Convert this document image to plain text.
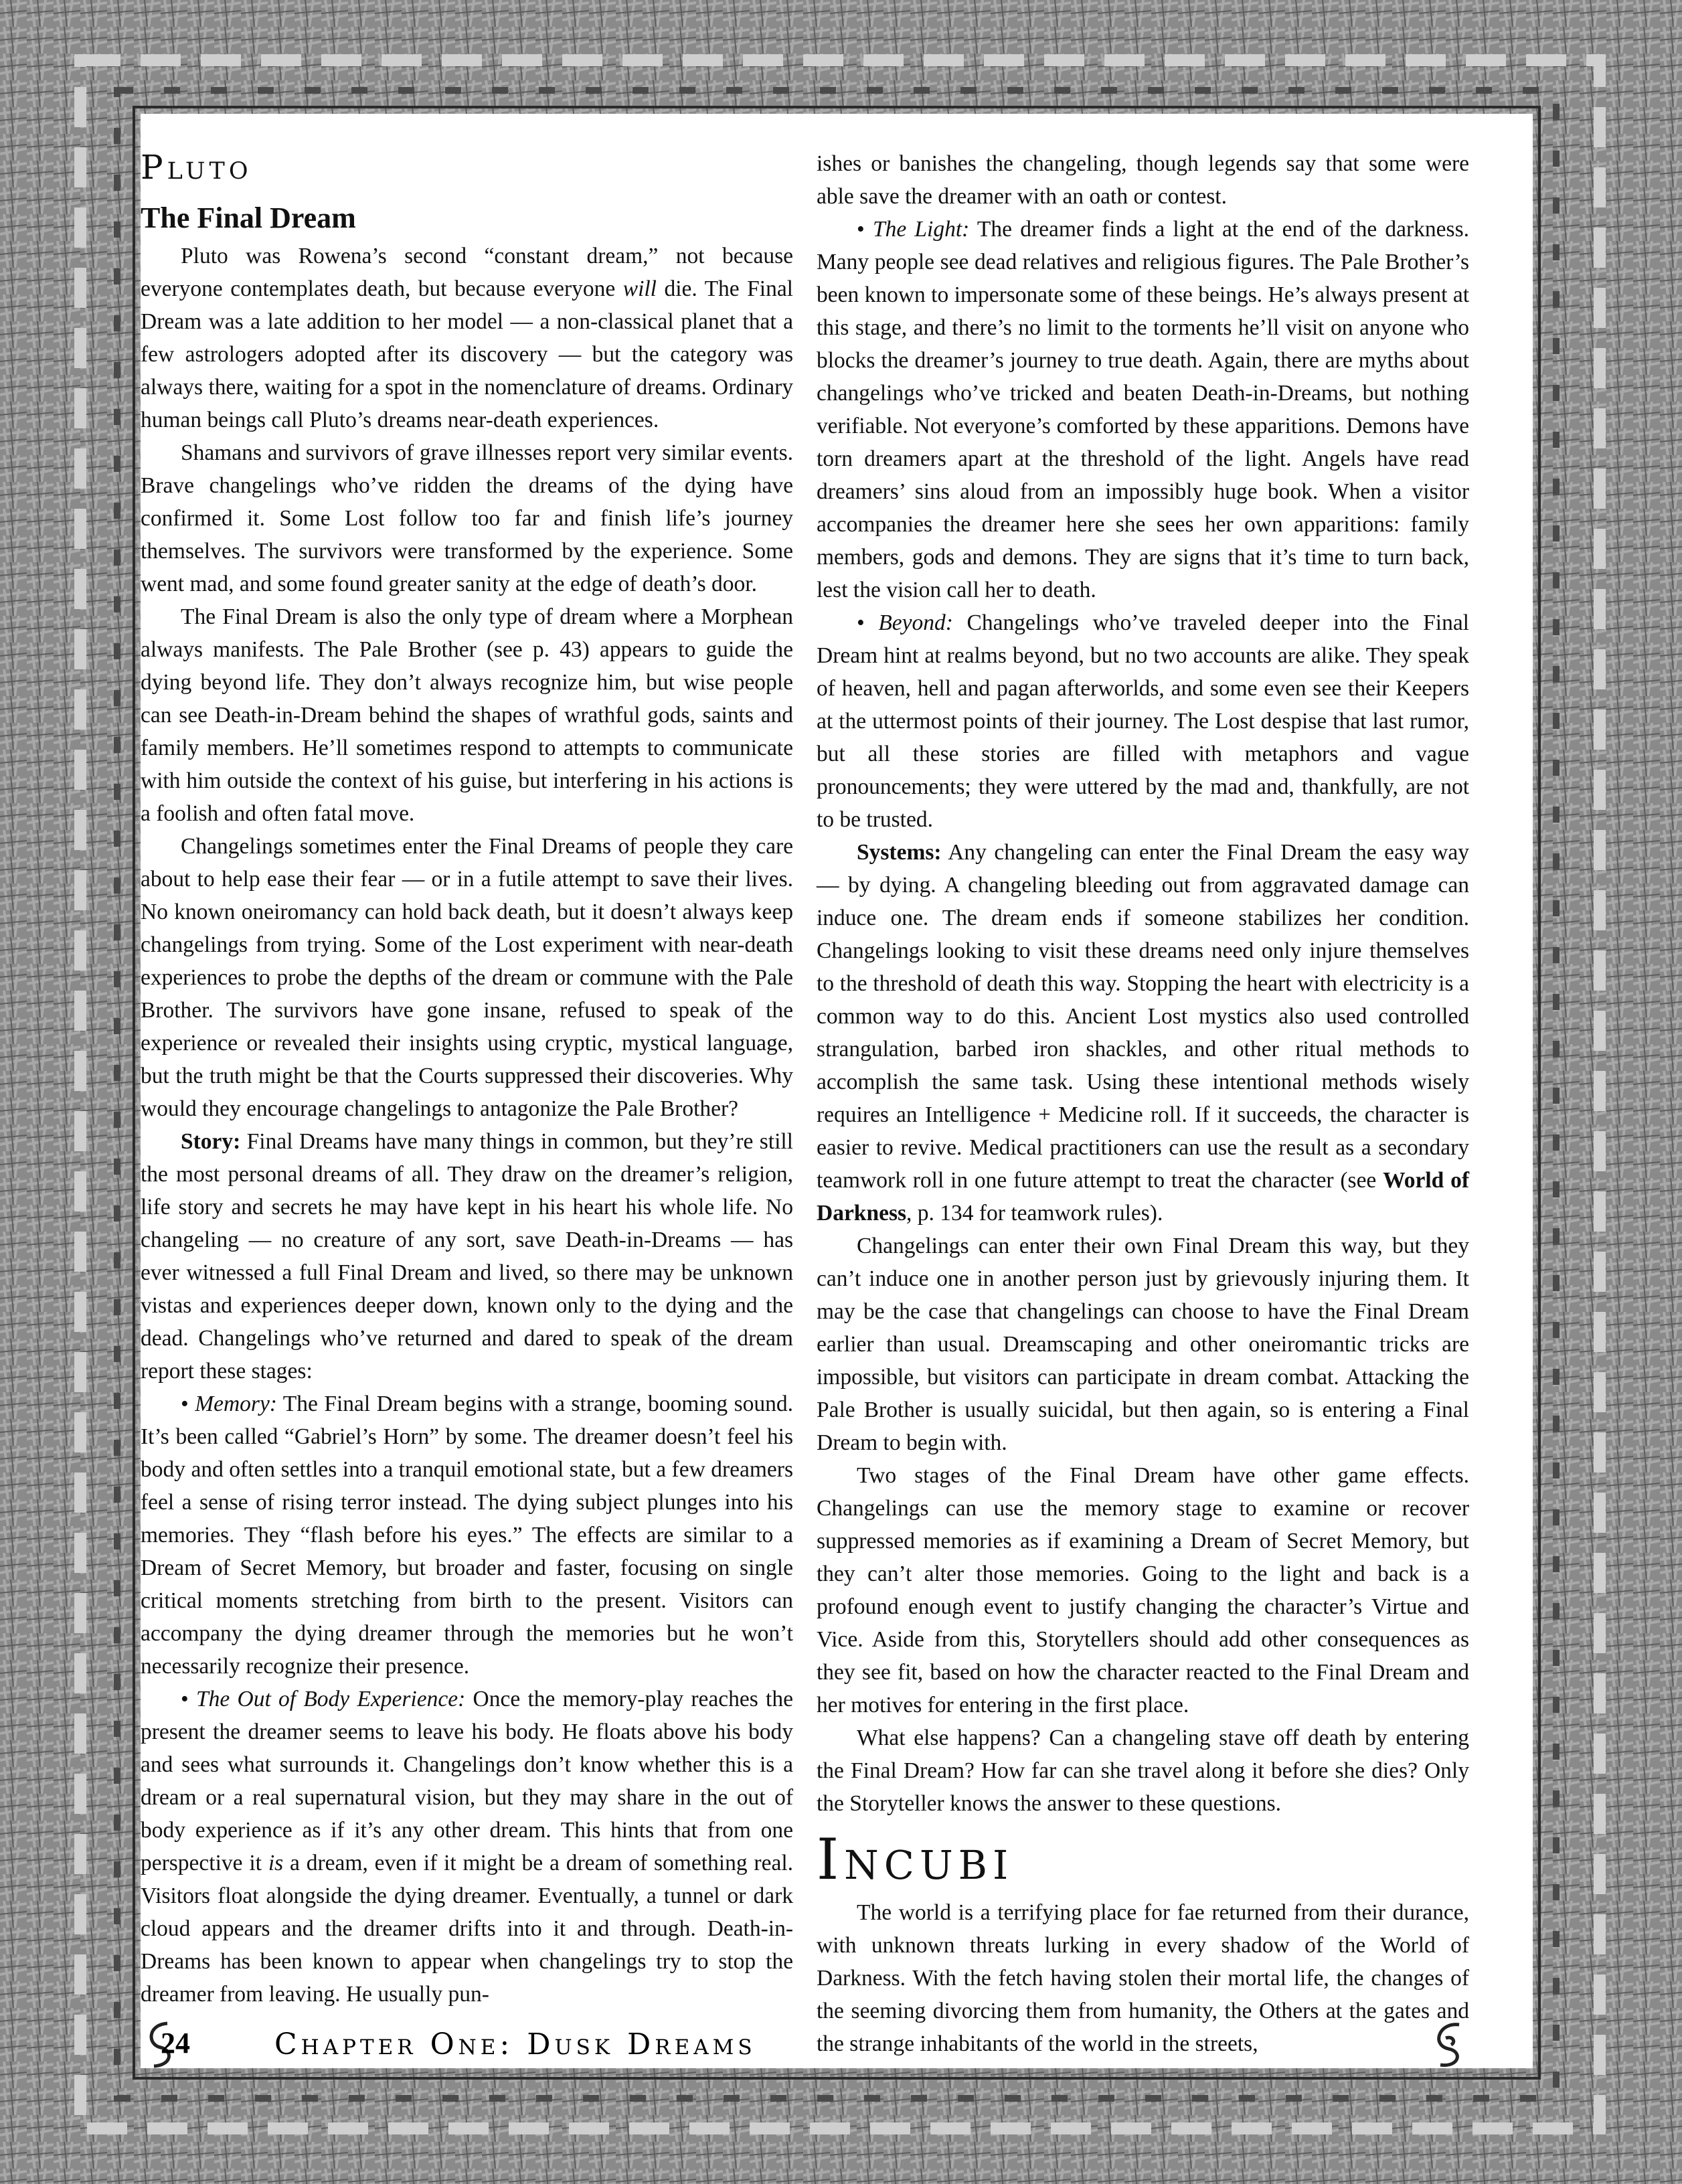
Pluto
The Final Dream

Pluto was Rowena’s second “constant dream,” not because everyone contemplates death, but because everyone will die. The Final Dream was a late addition to her model — a non-classical planet that a few astrologers adopted after its discovery — but the category was always there, waiting for a spot in the nomenclature of dreams. Ordinary human beings call Pluto’s dreams near-death experiences.

Shamans and survivors of grave illnesses report very similar events. Brave changelings who’ve ridden the dreams of the dying have confirmed it. Some Lost follow too far and finish life’s journey themselves. The survivors were transformed by the experience. Some went mad, and some found greater sanity at the edge of death’s door.

The Final Dream is also the only type of dream where a Morphean always manifests. The Pale Brother (see p. 43) appears to guide the dying beyond life. They don’t always recognize him, but wise people can see Death-in-Dream behind the shapes of wrathful gods, saints and family members. He’ll sometimes respond to attempts to communicate with him outside the context of his guise, but interfering in his actions is a foolish and often fatal move.

Changelings sometimes enter the Final Dreams of people they care about to help ease their fear — or in a futile attempt to save their lives. No known oneiromancy can hold back death, but it doesn’t always keep changelings from trying. Some of the Lost experiment with near-death experiences to probe the depths of the dream or commune with the Pale Brother. The survivors have gone insane, refused to speak of the experience or revealed their insights using cryptic, mystical language, but the truth might be that the Courts suppressed their discoveries. Why would they encourage changelings to antagonize the Pale Brother?

Story: Final Dreams have many things in common, but they’re still the most personal dreams of all. They draw on the dreamer’s religion, life story and secrets he may have kept in his heart his whole life. No changeling — no creature of any sort, save Death-in-Dreams — has ever witnessed a full Final Dream and lived, so there may be unknown vistas and experiences deeper down, known only to the dying and the dead. Changelings who’ve returned and dared to speak of the dream report these stages:

• Memory: The Final Dream begins with a strange, booming sound. It’s been called “Gabriel’s Horn” by some. The dreamer doesn’t feel his body and often settles into a tranquil emotional state, but a few dreamers feel a sense of rising terror instead. The dying subject plunges into his memories. They “flash before his eyes.” The effects are similar to a Dream of Secret Memory, but broader and faster, focusing on single critical moments stretching from birth to the present. Visitors can accompany the dying dreamer through the memories but he won’t necessarily recognize their presence.

• The Out of Body Experience: Once the memory-play reaches the present the dreamer seems to leave his body. He floats above his body and sees what surrounds it. Changelings don’t know whether this is a dream or a real supernatural vision, but they may share in the out of body experience as if it’s any other dream. This hints that from one perspective it is a dream, even if it might be a dream of something real. Visitors float alongside the dying dreamer. Eventually, a tunnel or dark cloud appears and the dreamer drifts into it and through. Death-in-Dreams has been known to appear when changelings try to stop the dreamer from leaving. He usually pun-

ishes or banishes the changeling, though legends say that some were able save the dreamer with an oath or contest.

• The Light: The dreamer finds a light at the end of the darkness. Many people see dead relatives and religious figures. The Pale Brother’s been known to impersonate some of these beings. He’s always present at this stage, and there’s no limit to the torments he’ll visit on anyone who blocks the dreamer’s journey to true death. Again, there are myths about changelings who’ve tricked and beaten Death-in-Dreams, but nothing verifiable. Not everyone’s comforted by these apparitions. Demons have torn dreamers apart at the threshold of the light. Angels have read dreamers’ sins aloud from an impossibly huge book. When a visitor accompanies the dreamer here she sees her own apparitions: family members, gods and demons. They are signs that it’s time to turn back, lest the vision call her to death.

• Beyond: Changelings who’ve traveled deeper into the Final Dream hint at realms beyond, but no two accounts are alike. They speak of heaven, hell and pagan afterworlds, and some even see their Keepers at the uttermost points of their journey. The Lost despise that last rumor, but all these stories are filled with metaphors and vague pronouncements; they were uttered by the mad and, thankfully, are not to be trusted.

Systems: Any changeling can enter the Final Dream the easy way — by dying. A changeling bleeding out from aggravated damage can induce one. The dream ends if someone stabilizes her condition. Changelings looking to visit these dreams need only injure themselves to the threshold of death this way. Stopping the heart with electricity is a common way to do this. Ancient Lost mystics also used controlled strangulation, barbed iron shackles, and other ritual methods to accomplish the same task. Using these intentional methods wisely requires an Intelligence + Medicine roll. If it succeeds, the character is easier to revive. Medical practitioners can use the result as a secondary teamwork roll in one future attempt to treat the character (see World of Darkness, p. 134 for teamwork rules).

Changelings can enter their own Final Dream this way, but they can’t induce one in another person just by grievously injuring them. It may be the case that changelings can choose to have the Final Dream earlier than usual. Dreamscaping and other oneiromantic tricks are impossible, but visitors can participate in dream combat. Attacking the Pale Brother is usually suicidal, but then again, so is entering a Final Dream to begin with.

Two stages of the Final Dream have other game effects. Changelings can use the memory stage to examine or recover suppressed memories as if examining a Dream of Secret Memory, but they can’t alter those memories. Going to the light and back is a profound enough event to justify changing the character’s Virtue and Vice. Aside from this, Storytellers should add other consequences as they see fit, based on how the character reacted to the Final Dream and her motives for entering in the first place.

What else happens? Can a changeling stave off death by entering the Final Dream? How far can she travel along it before she dies? Only the Storyteller knows the answer to these questions.

Incubi

The world is a terrifying place for fae returned from their durance, with unknown threats lurking in every shadow of the World of Darkness. With the fetch having stolen their mortal life, the changes of the seeming divorcing them from humanity, the Others at the gates and the strange inhabitants of the world in the streets,

24	Chapter One: Dusk Dreams
